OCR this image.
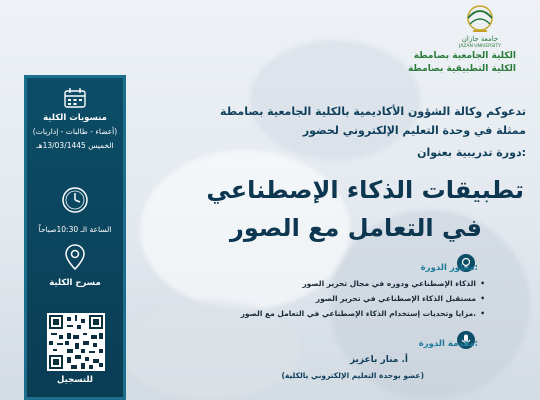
جامعة جازان
JAZAN UNIVERSITY
الكلية الجامعية بصامطة
الكلية التطبيقية بصامطة
منسوبات الكلية
(أعضاء - طالبات - إداريات)
الخميس 13/03/1445هـ
الساعة الـ 10:30صباحاً
مسرح الكلية
للتسجيل
تدعوكم وكالة الشؤون الأكاديمية بالكلية الجامعية بصامطة
ممثلة في وحدة التعليم الإلكتروني لحضور
دورة تدريبية بعنوان:
تطبيقات الذكاء الإصطناعي
في التعامل مع الصور
محاور الدورة:
الذكاء الإصطناعي ودوره في مجال تحرير الصور •
مستقبل الذكاء الإصطناعي في تحرير الصور •
مزايا وتحديات إستخدام الذكاء الإصطناعي في التعامل مع الصور. •
مقدمة الدورة:
أ. منار باعزيز
(عضو بوحدة التعليم الإلكتروني بالكلية)
